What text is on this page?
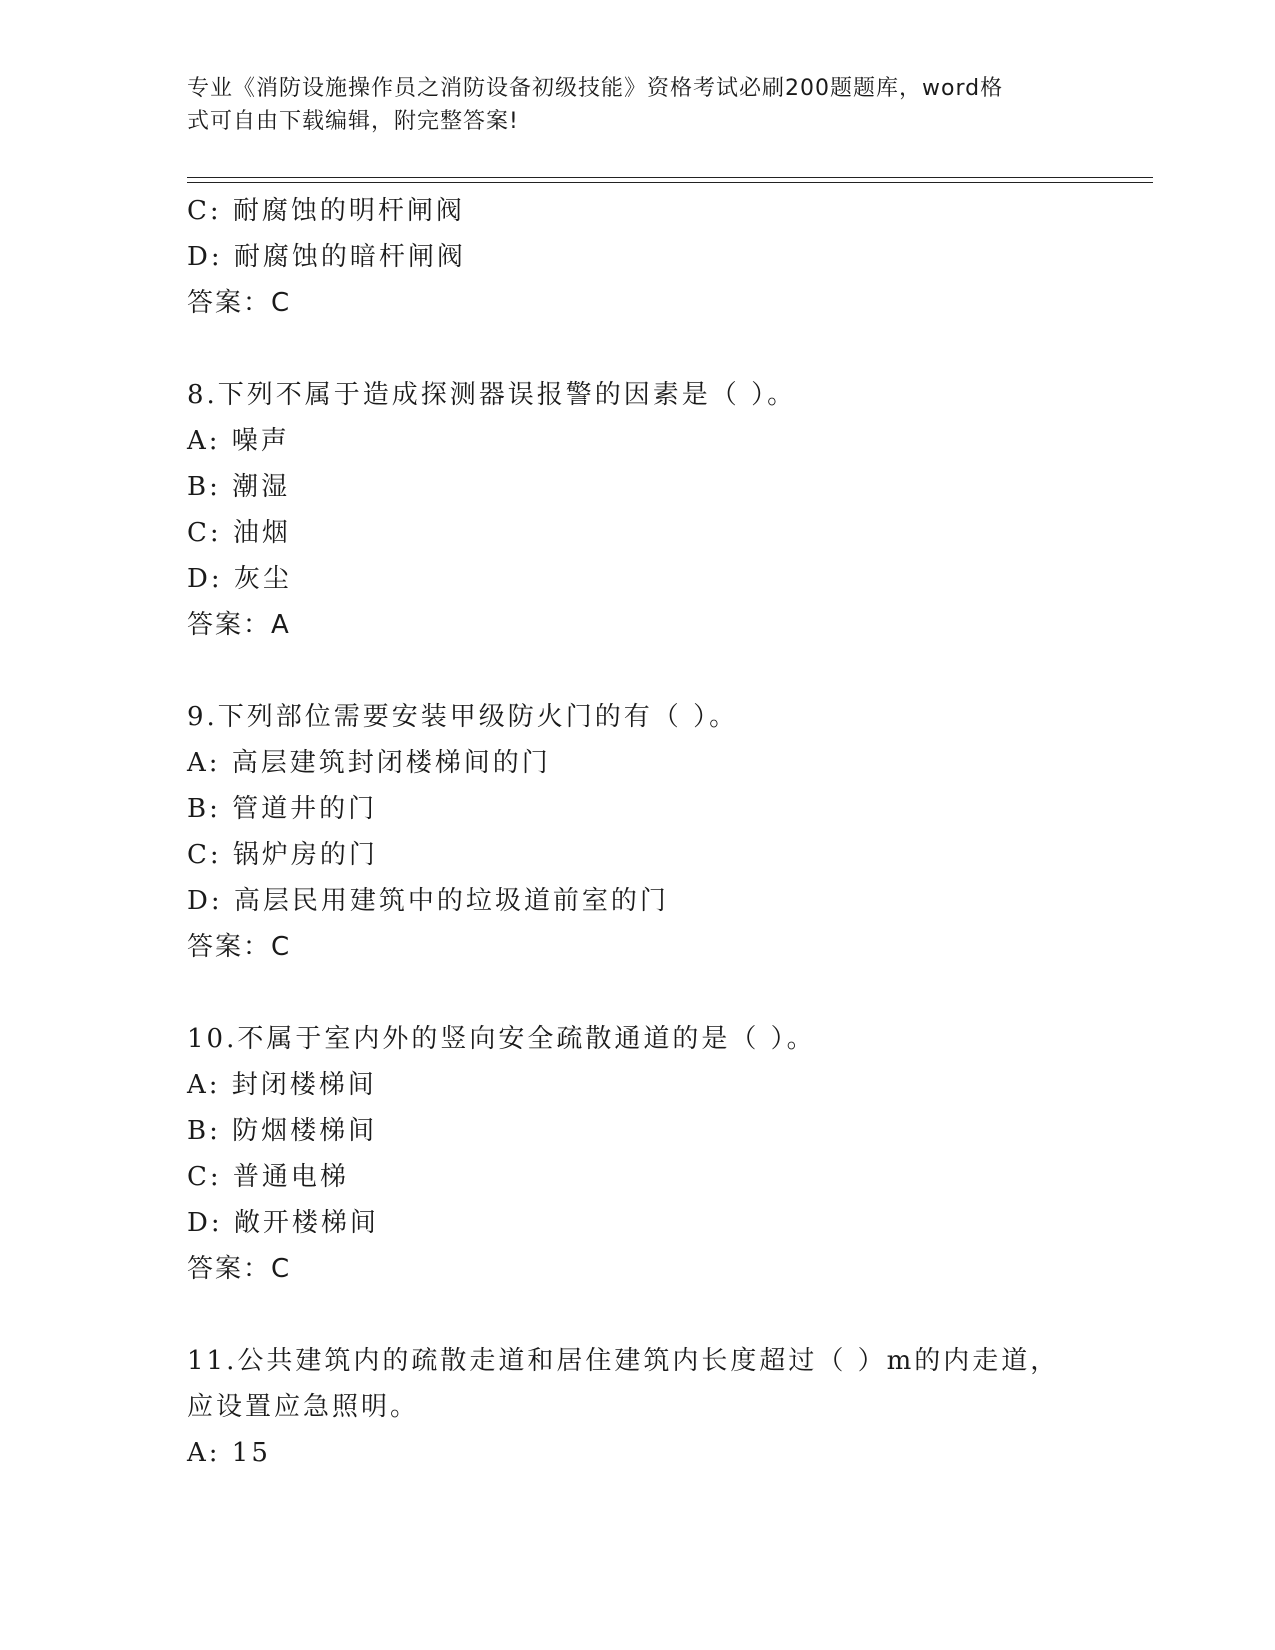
专业《消防设施操作员之消防设备初级技能》资格考试必刷200题题库，word格
式可自由下载编辑，附完整答案!
C: 耐腐蚀的明杆闸阀
D: 耐腐蚀的暗杆闸阀
答案：C
8.下列不属于造成探测器误报警的因素是（ ）。
A: 噪声
B: 潮湿
C: 油烟
D: 灰尘
答案：A
9.下列部位需要安装甲级防火门的有（ ）。
A: 高层建筑封闭楼梯间的门
B: 管道井的门
C: 锅炉房的门
D: 高层民用建筑中的垃圾道前室的门
答案：C
10.不属于室内外的竖向安全疏散通道的是（ ）。
A: 封闭楼梯间
B: 防烟楼梯间
C: 普通电梯
D: 敞开楼梯间
答案：C
11.公共建筑内的疏散走道和居住建筑内长度超过（ ）m的内走道，
应设置应急照明。
A: 15
